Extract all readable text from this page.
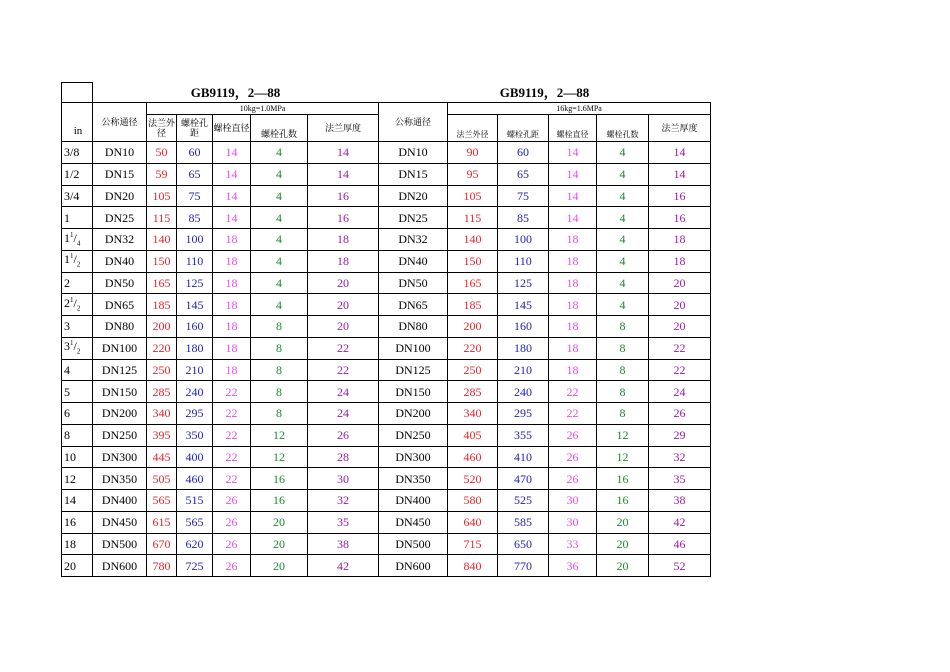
	GB9119，2—88						GB9119，2—88					
in	公称通径	10kg=1.0MPa					公称通径	16kg=1.6MPa				
		法兰外径	螺栓孔距	螺栓直径	螺栓孔数	法兰厚度		法兰外径	螺栓孔距	螺栓直径	螺栓孔数	法兰厚度
3/8	DN10	50	60	14	4	14	DN10	90	60	14	4	14
1/2	DN15	59	65	14	4	14	DN15	95	65	14	4	14
3/4	DN20	105	75	14	4	16	DN20	105	75	14	4	16
1	DN25	115	85	14	4	16	DN25	115	85	14	4	16
$1^1/_4$	DN32	140	100	18	4	18	DN32	140	100	18	4	18
$1^1/_2$	DN40	150	110	18	4	18	DN40	150	110	18	4	18
2	DN50	165	125	18	4	20	DN50	165	125	18	4	20
$2^1/_2$	DN65	185	145	18	4	20	DN65	185	145	18	4	20
3	DN80	200	160	18	8	20	DN80	200	160	18	8	20
$3^1/_2$	DN100	220	180	18	8	22	DN100	220	180	18	8	22
4	DN125	250	210	18	8	22	DN125	250	210	18	8	22
5	DN150	285	240	22	8	24	DN150	285	240	22	8	24
6	DN200	340	295	22	8	24	DN200	340	295	22	8	26
8	DN250	395	350	22	12	26	DN250	405	355	26	12	29
10	DN300	445	400	22	12	28	DN300	460	410	26	12	32
12	DN350	505	460	22	16	30	DN350	520	470	26	16	35
14	DN400	565	515	26	16	32	DN400	580	525	30	16	38
16	DN450	615	565	26	20	35	DN450	640	585	30	20	42
18	DN500	670	620	26	20	38	DN500	715	650	33	20	46
20	DN600	780	725	26	20	42	DN600	840	770	36	20	52
